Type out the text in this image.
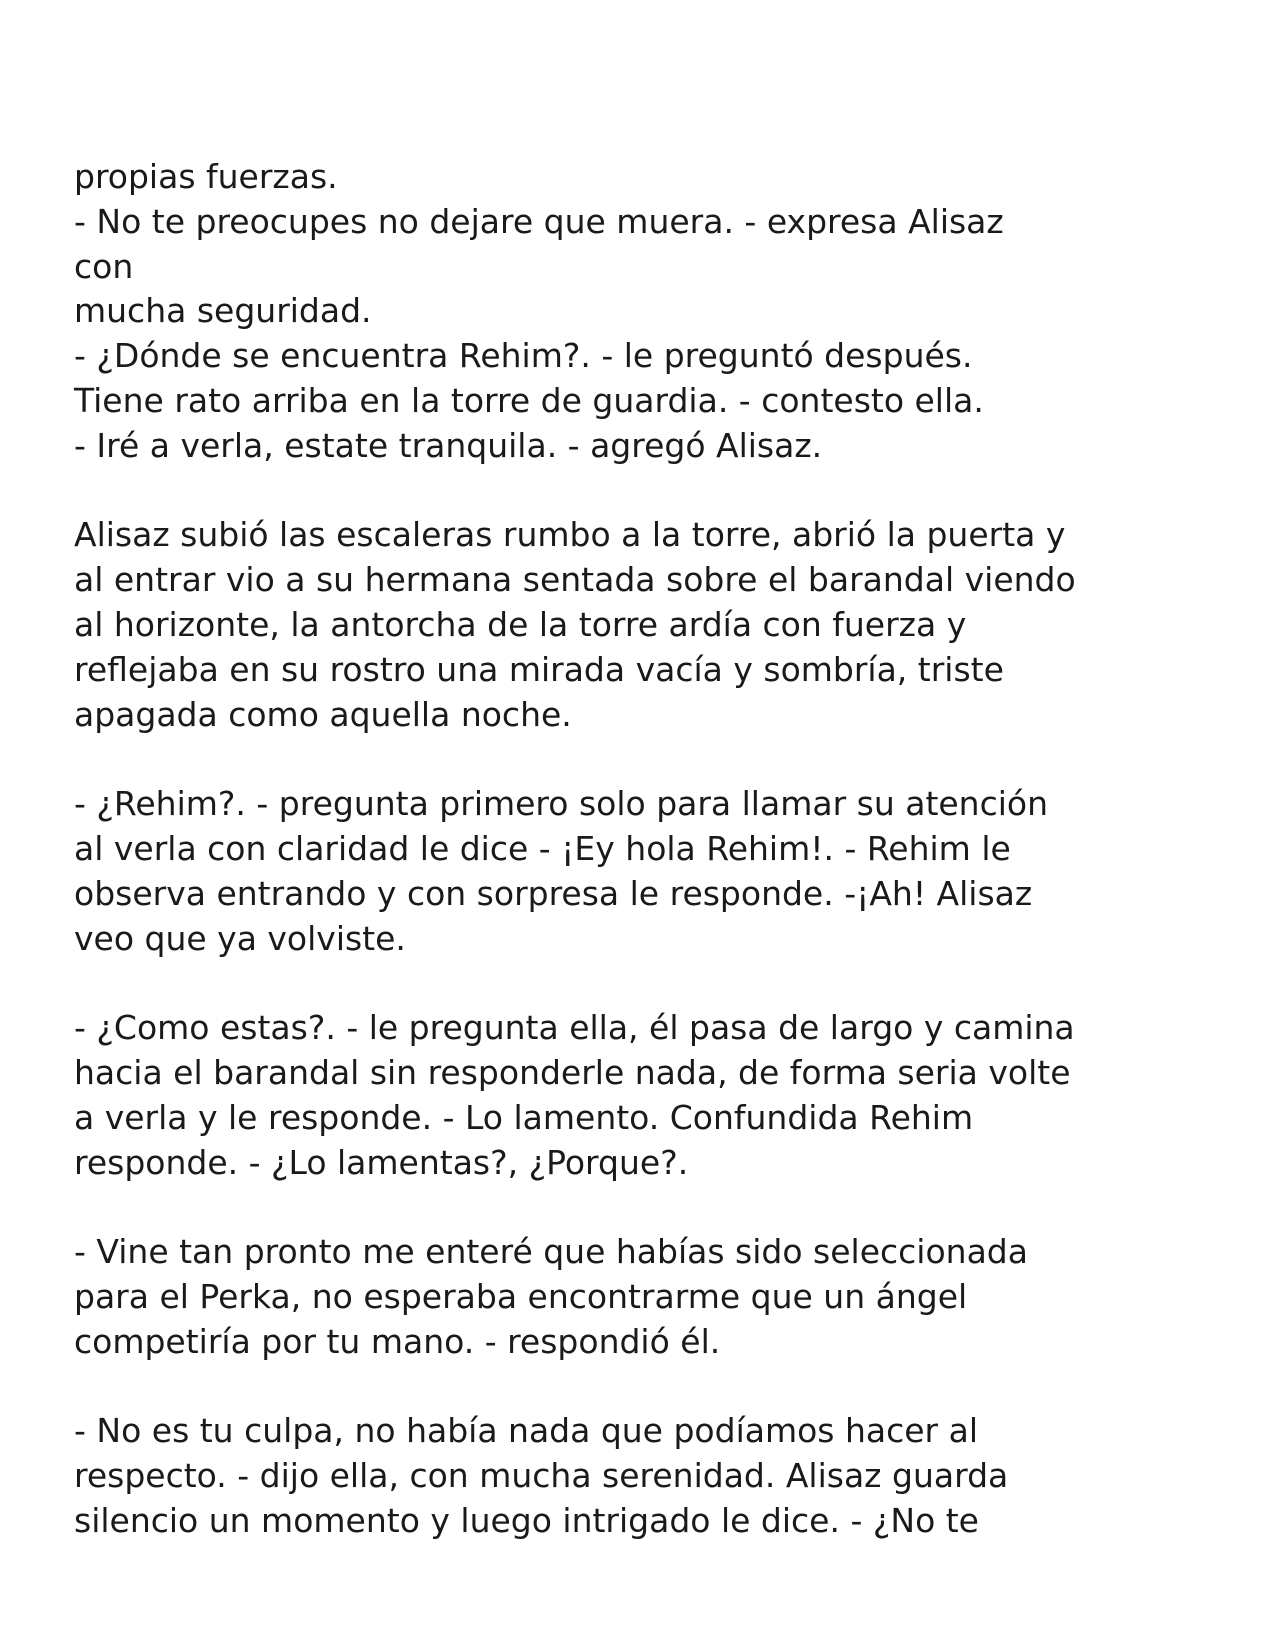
propias fuerzas.
- No te preocupes no dejare que muera. - expresa Alisaz
con
mucha seguridad.
- ¿Dónde se encuentra Rehim?. - le preguntó después.
Tiene rato arriba en la torre de guardia. - contesto ella.
- Iré a verla, estate tranquila. - agregó Alisaz.
Alisaz subió las escaleras rumbo a la torre, abrió la puerta y
al entrar vio a su hermana sentada sobre el barandal viendo
al horizonte, la antorcha de la torre ardía con fuerza y
reflejaba en su rostro una mirada vacía y sombría, triste
apagada como aquella noche.
- ¿Rehim?. - pregunta primero solo para llamar su atención
al verla con claridad le dice - ¡Ey hola Rehim!. - Rehim le
observa entrando y con sorpresa le responde. -¡Ah! Alisaz
veo que ya volviste.
- ¿Como estas?. - le pregunta ella, él pasa de largo y camina
hacia el barandal sin responderle nada, de forma seria volte
a verla y le responde. - Lo lamento. Confundida Rehim
responde. - ¿Lo lamentas?, ¿Porque?.
- Vine tan pronto me enteré que habías sido seleccionada
para el Perka, no esperaba encontrarme que un ángel
competiría por tu mano. - respondió él.
- No es tu culpa, no había nada que podíamos hacer al
respecto. - dijo ella, con mucha serenidad. Alisaz guarda
silencio un momento y luego intrigado le dice. - ¿No te
